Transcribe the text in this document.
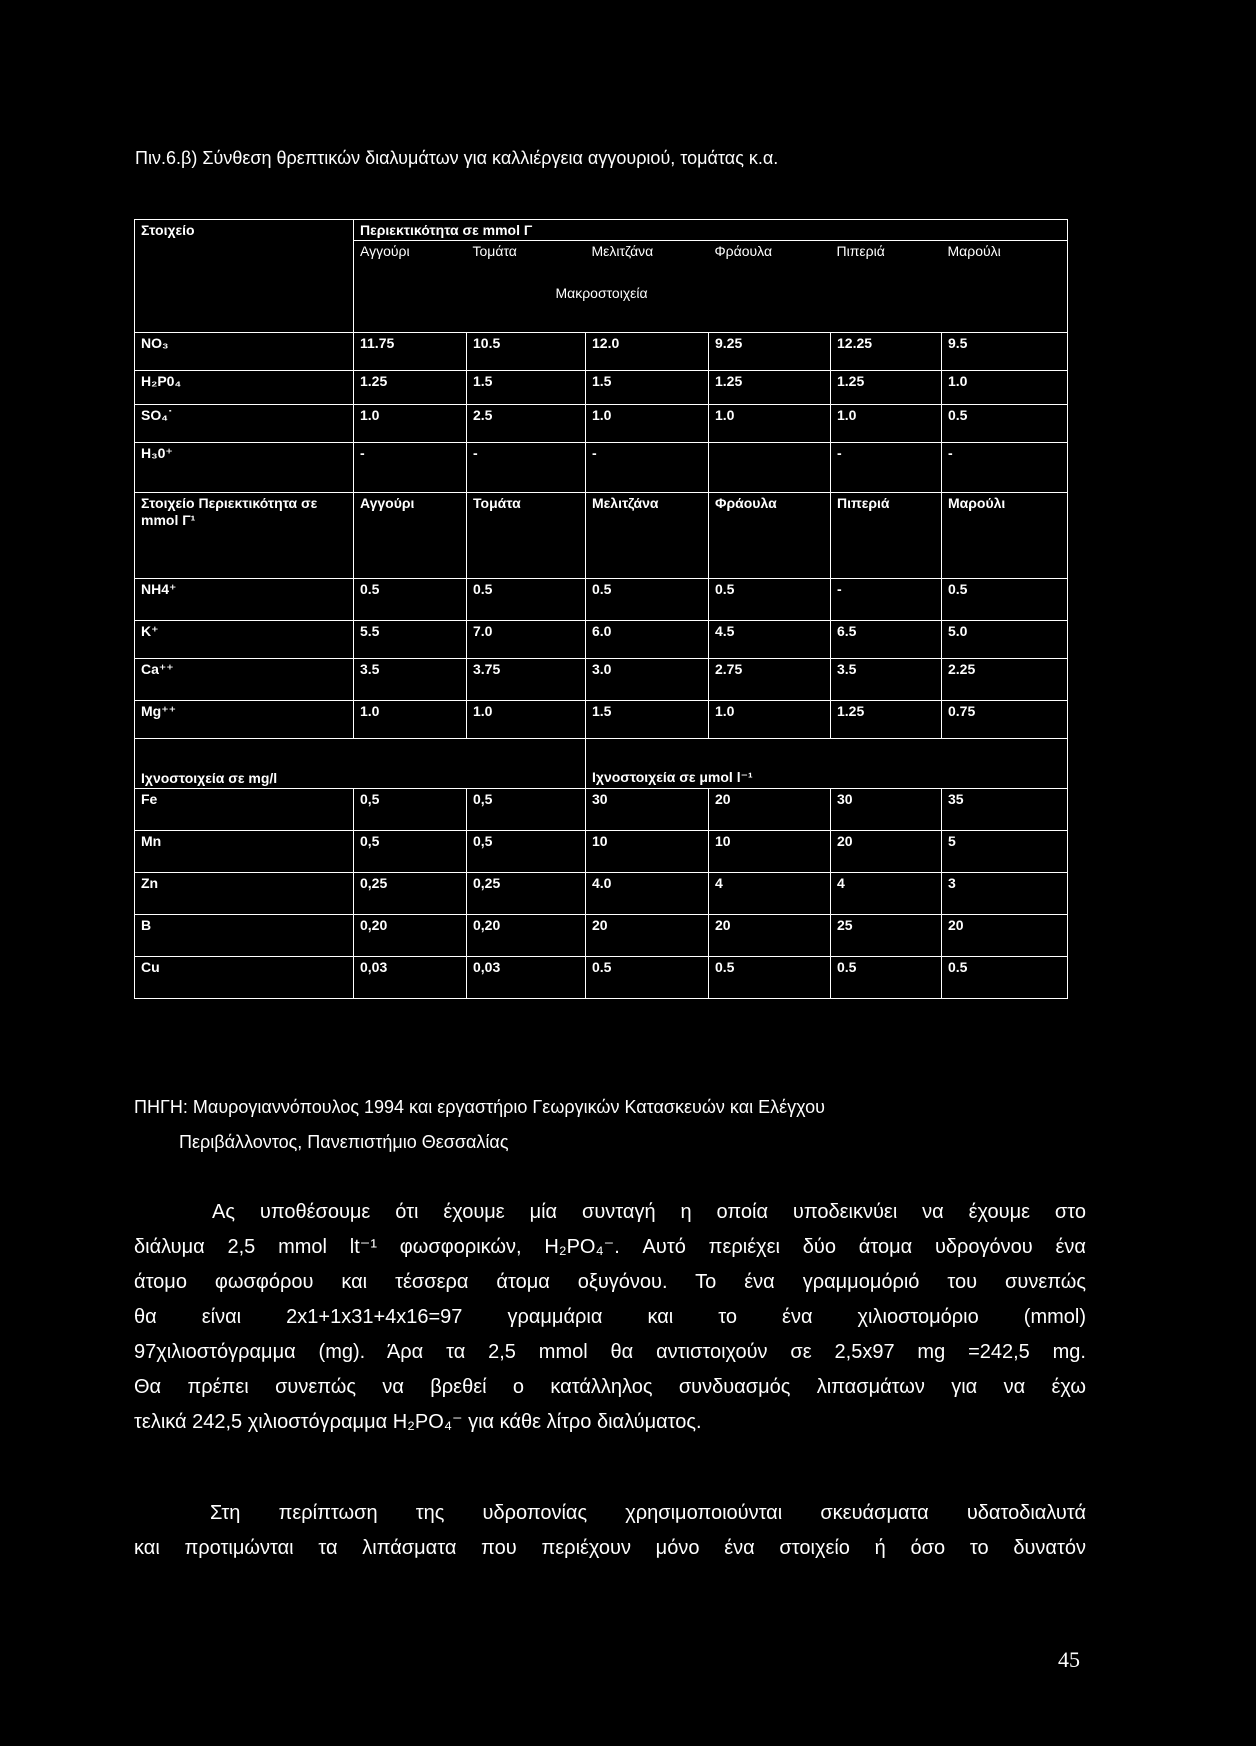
Πιν.6.β) Σύνθεση θρεπτικών διαλυμάτων για καλλιέργεια αγγουριού, τομάτας κ.α.
Στοιχείο	Περιεκτικότητα σε mmol Γ					
	Αγγούρι	Τομάτα	Μελιτζάνα	Φράουλα	Πιπεριά	Μαρούλι
	Μακροστοιχεία					
NO₃	11.75	10.5	12.0	9.25	12.25	9.5
H₂P0₄	1.25	1.5	1.5	1.25	1.25	1.0
SO₄˙	1.0	2.5	1.0	1.0	1.0	0.5
H₃0⁺	-	-	-		-	-
Στοιχείο Περιεκτικότητα σε mmol Γ¹	Αγγούρι	Τομάτα	Μελιτζάνα	Φράουλα	Πιπεριά	Μαρούλι
NH4⁺	0.5	0.5	0.5	0.5	-	0.5
K⁺	5.5	7.0	6.0	4.5	6.5	5.0
Ca⁺⁺	3.5	3.75	3.0	2.75	3.5	2.25
Mg⁺⁺	1.0	1.0	1.5	1.0	1.25	0.75
Ιχνοστοιχεία σε mg/l			Ιχνοστοιχεία σε μmol l⁻¹			
Fe	0,5	0,5	30	20	30	35
Mn	0,5	0,5	10	10	20	5
Zn	0,25	0,25	4.0	4	4	3
B	0,20	0,20	20	20	25	20
Cu	0,03	0,03	0.5	0.5	0.5	0.5
ΠΗΓΗ: Μαυρογιαννόπουλος 1994 και εργαστήριο Γεωργικών Κατασκευών και Ελέγχου
Περιβάλλοντος, Πανεπιστήμιο Θεσσαλίας
Ας υποθέσουμε ότι έχουμε μία συνταγή η οποία υποδεικνύει να έχουμε στο
διάλυμα 2,5 mmol lt⁻¹ φωσφορικών, H₂PO₄⁻. Αυτό περιέχει δύο άτομα υδρογόνου ένα
άτομο φωσφόρου και τέσσερα άτομα οξυγόνου. Το ένα γραμμομόριό του συνεπώς
θα είναι 2x1+1x31+4x16=97 γραμμάρια και το ένα χιλιοστομόριο (mmol)
97χιλιοστόγραμμα (mg). Άρα τα 2,5 mmol θα αντιστοιχούν σε 2,5x97 mg =242,5 mg.
Θα πρέπει συνεπώς να βρεθεί ο κατάλληλος συνδυασμός λιπασμάτων για να έχω
τελικά 242,5 χιλιοστόγραμμα H₂PO₄⁻ για κάθε λίτρο διαλύματος.
Στη περίπτωση της υδροπονίας χρησιμοποιούνται σκευάσματα υδατοδιαλυτά
και προτιμώνται τα λιπάσματα που περιέχουν μόνο ένα στοιχείο ή όσο το δυνατόν
45
